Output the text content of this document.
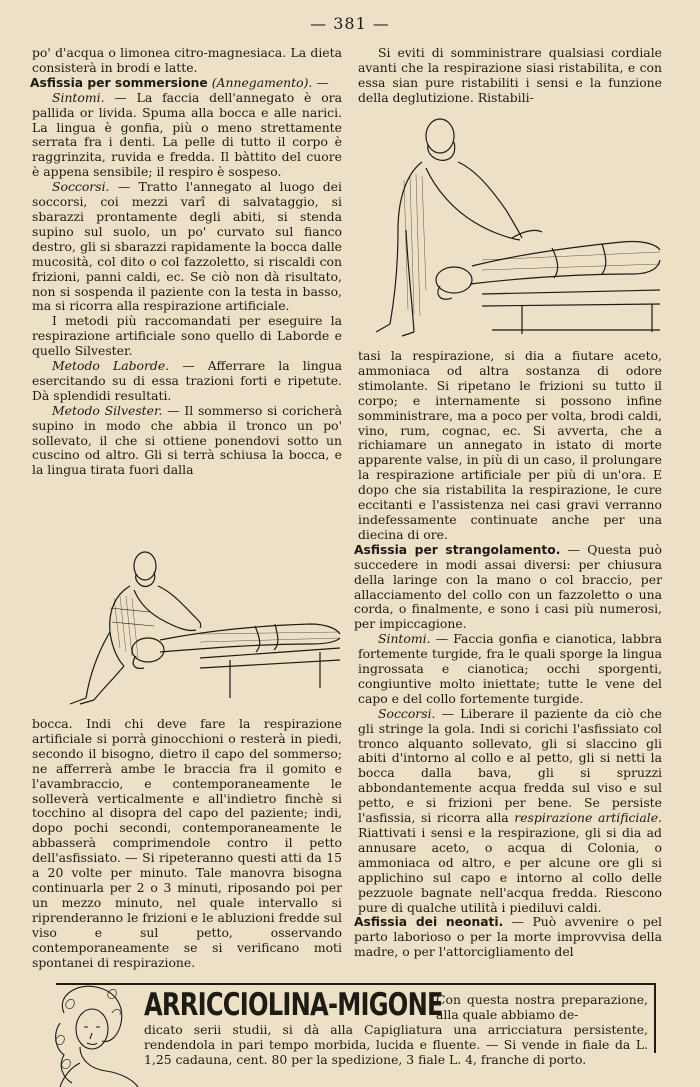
— 381 —

po' d'acqua o limonea citro-magnesiaca. La dieta consisterà in brodi e latte.

Asfissia per sommersione (Annegamento). —

Sintomi. — La faccia dell'annegato è ora pallida or livida. Spuma alla bocca e alle narici. La lingua è gonfia, più o meno strettamente serrata fra i denti. La pelle di tutto il corpo è raggrinzita, ruvida e fredda. Il bàttito del cuore è appena sensibile; il respiro è sospeso.

Soccorsi. — Tratto l'annegato al luogo dei soccorsi, coi mezzi varî di salvataggio, si sbarazzi prontamente degli abiti, si stenda supino sul suolo, un po' curvato sul fianco destro, gli si sbarazzi rapidamente la bocca dalle mucosità, col dito o col fazzoletto, si riscaldi con frizioni, panni caldi, ec. Se ciò non dà risultato, non si sospenda il paziente con la testa in basso, ma si ricorra alla respirazione artificiale.

I metodi più raccomandati per eseguire la respirazione artificiale sono quello di Laborde e quello Silvester.

Metodo Laborde. — Afferrare la lingua esercitando su di essa trazioni forti e ripetute. Dà splendidi resultati.

Metodo Silvester. — Il sommerso si coricherà supino in modo che abbia il tronco un po' sollevato, il che si ottiene ponendovi sotto un cuscino od altro. Gli si terrà schiusa la bocca, e la lingua tirata fuori dalla

bocca. Indi chi deve fare la respirazione artificiale si porrà ginocchioni o resterà in piedi, secondo il bisogno, dietro il capo del sommerso; ne afferrerà ambe le braccia fra il gomito e l'avambraccio, e contemporaneamente le solleverà verticalmente e all'indietro finchè si tocchino al disopra del capo del paziente; indi, dopo pochi secondi, contemporaneamente le abbasserà comprimendole contro il petto dell'asfissiato. — Si ripeteranno questi atti da 15 a 20 volte per minuto. Tale manovra bisogna continuarla per 2 o 3 minuti, riposando poi per un mezzo minuto, nel quale intervallo si riprenderanno le frizioni e le abluzioni fredde sul viso e sul petto, osservando contemporaneamente se si verificano moti spontanei di respirazione.

Si eviti di somministrare qualsiasi cordiale avanti che la respirazione siasi ristabilita, e con essa sian pure ristabiliti i sensi e la funzione della deglutizione. Ristabili-

tasi la respirazione, si dia a fiutare aceto, ammoniaca od altra sostanza di odore stimolante. Si ripetano le frizioni su tutto il corpo; e internamente si possono infine somministrare, ma a poco per volta, brodi caldi, vino, rum, cognac, ec. Si avverta, che a richiamare un annegato in istato di morte apparente valse, in più di un caso, il prolungare la respirazione artificiale per più di un'ora. E dopo che sia ristabilita la respirazione, le cure eccitanti e l'assistenza nei casi gravi verranno indefessamente continuate anche per una diecina di ore.

Asfissia per strangolamento. — Questa può succedere in modi assai diversi: per chiusura della laringe con la mano o col braccio, per allacciamento del collo con un fazzoletto o una corda, o finalmente, e sono i casi più numerosi, per impiccagione.

Sintomi. — Faccia gonfia e cianotica, labbra fortemente turgide, fra le quali sporge la lingua ingrossata e cianotica; occhi sporgenti, congiuntive molto iniettate; tutte le vene del capo e del collo fortemente turgide.

Soccorsi. — Liberare il paziente da ciò che gli stringe la gola. Indi si corichi l'asfissiato col tronco alquanto sollevato, gli si slaccino gli abiti d'intorno al collo e al petto, gli si netti la bocca dalla bava, gli si spruzzi abbondantemente acqua fredda sul viso e sul petto, e si frizioni per bene. Se persiste l'asfissia, si ricorra alla respirazione artificiale. Riattivati i sensi e la respirazione, gli si dia ad annusare aceto, o acqua di Colonia, o ammoniaca od altro, e per alcune ore gli si applichino sul capo e intorno al collo delle pezzuole bagnate nell'acqua fredda. Riescono pure di qualche utilità i piediluvi caldi.

Asfissia dei neonati. — Può avvenire o pel parto laborioso o per la morte improvvisa della madre, o per l'attorcigliamento del

ARRICCIOLINA-MIGONE
Con questa nostra preparazione, alla quale abbiamo de-
dicato serii studii, si dà alla Capigliatura una arricciatura persistente, rendendola in pari tempo morbida, lucida e fluente. — Si vende in fiale da L. 1,25 cadauna, cent. 80 per la spedizione, 3 fiale L. 4, franche di porto.
